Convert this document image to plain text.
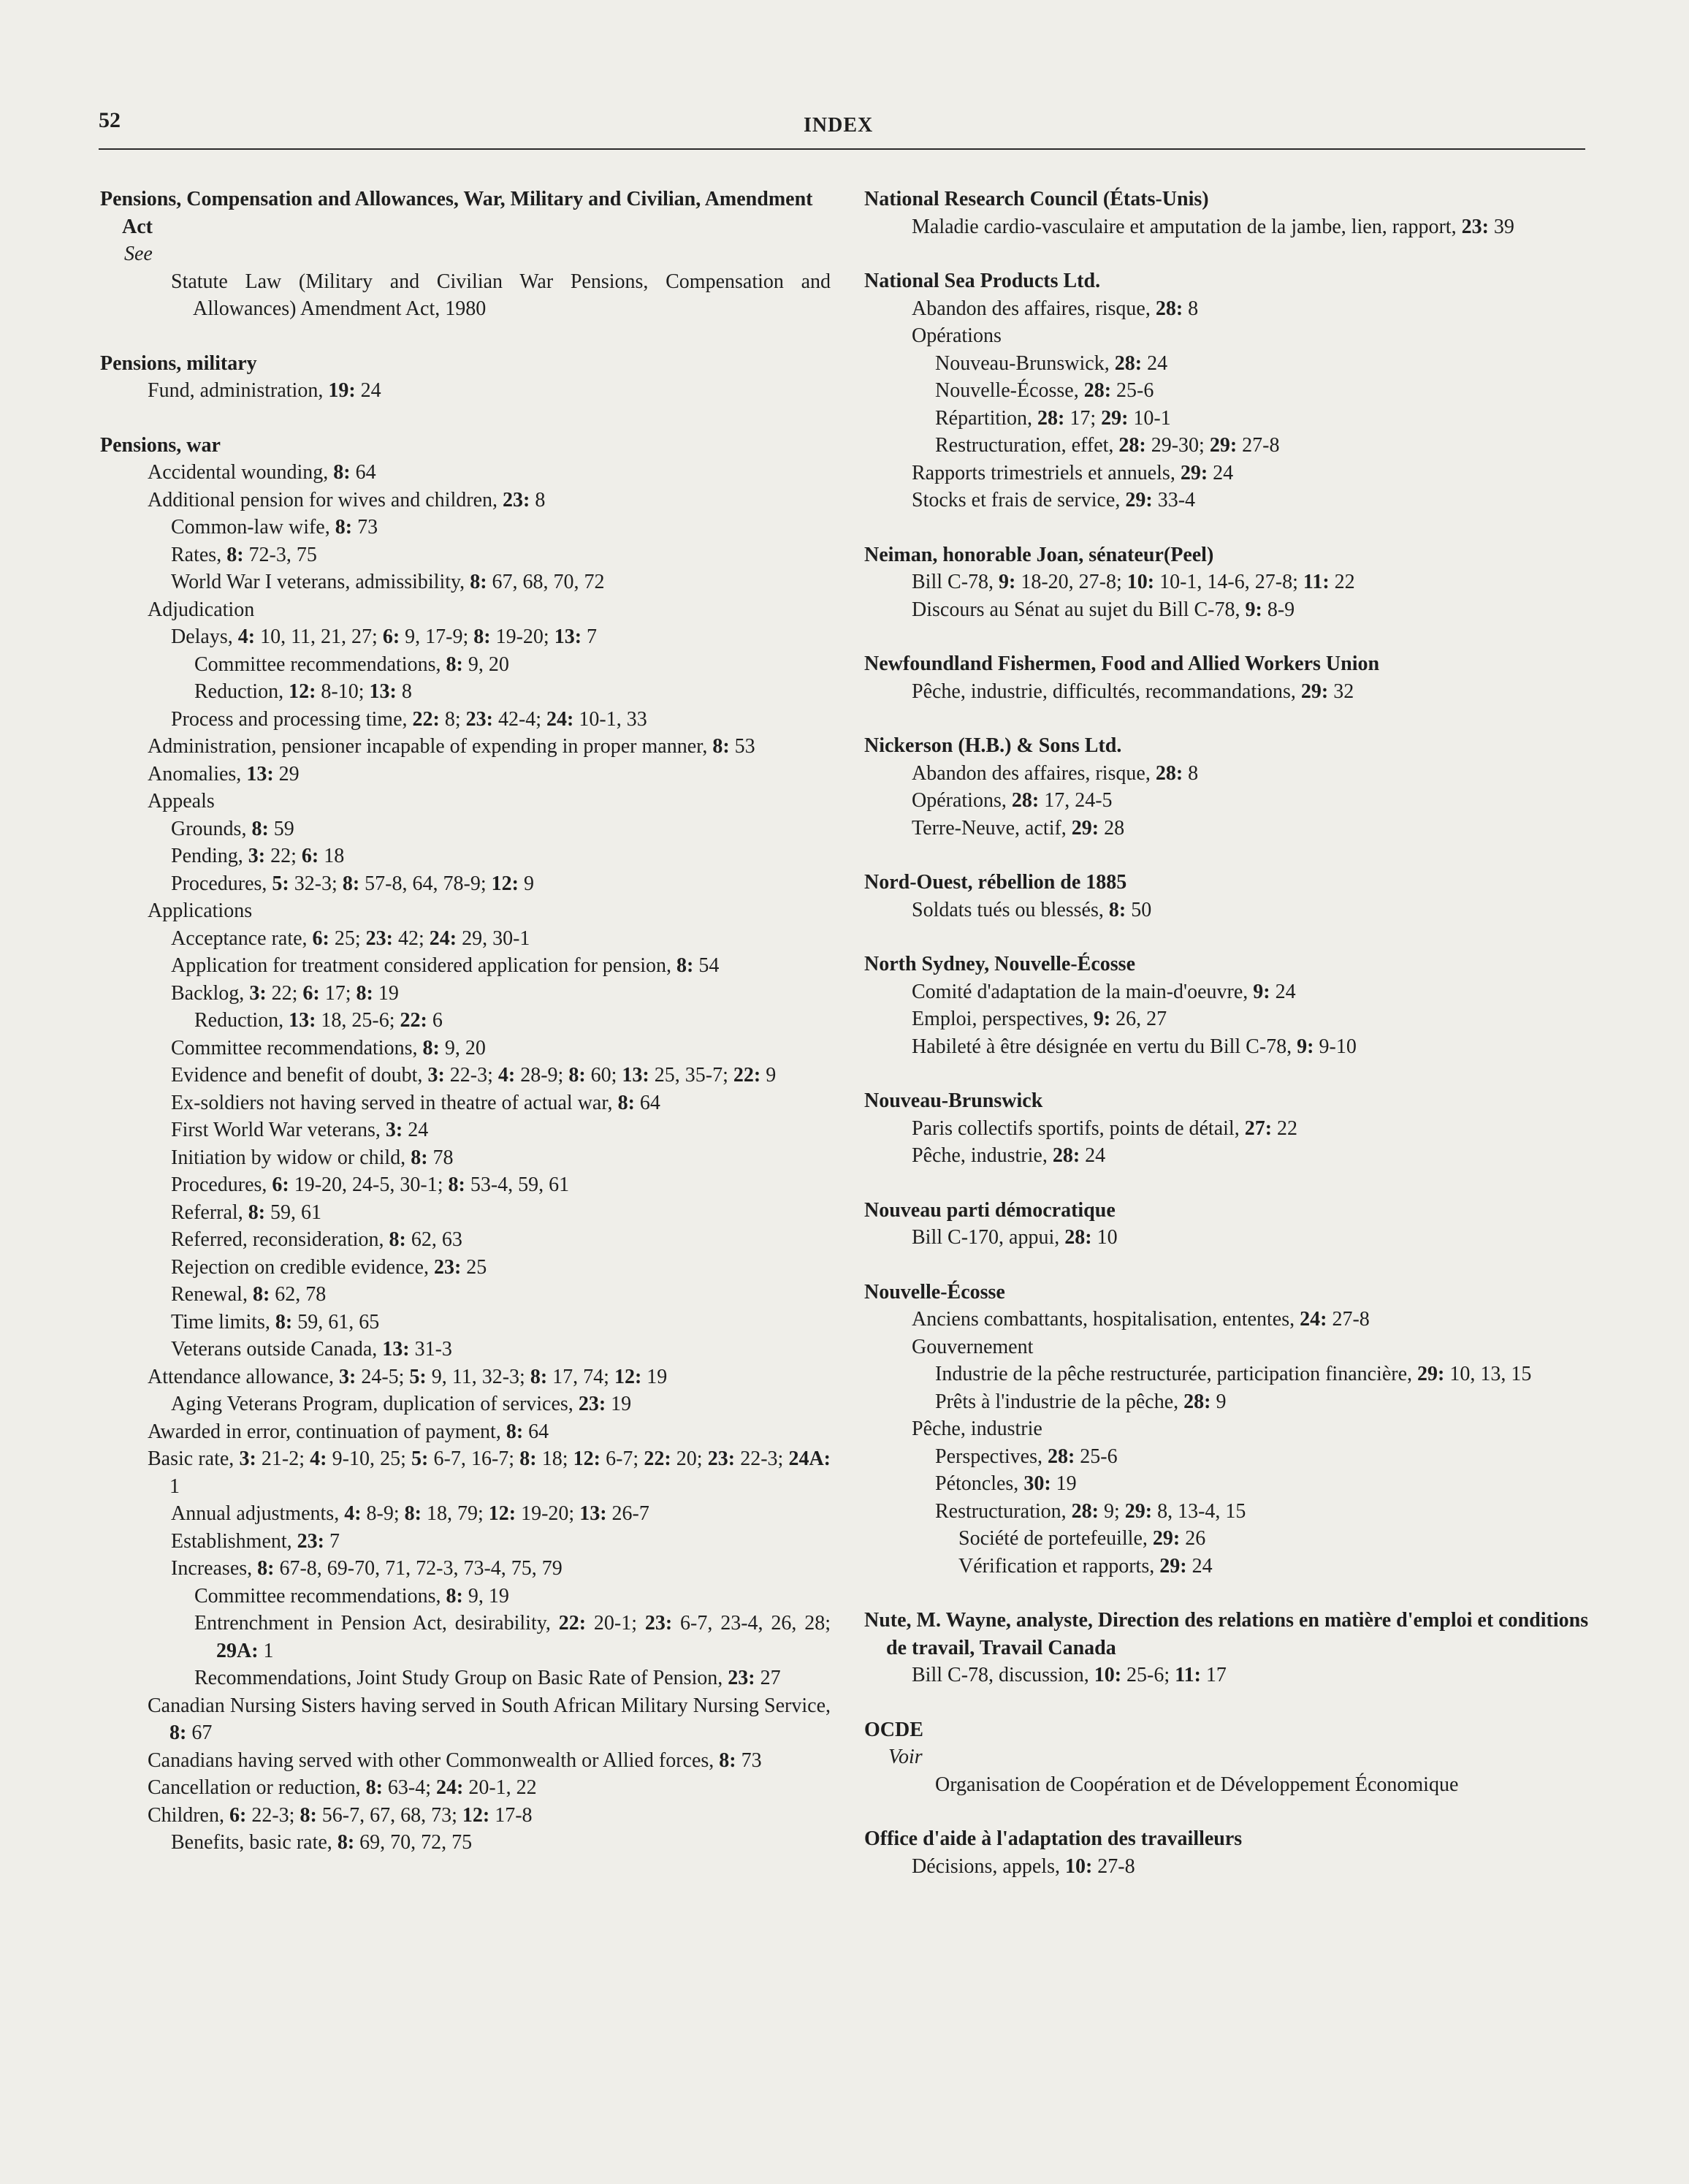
52	INDEX
Pensions, Compensation and Allowances, War, Military and Civilian, Amendment Act
See
Statute Law (Military and Civilian War Pensions, Compensation and Allowances) Amendment Act, 1980
Pensions, military
Fund, administration, 19: 24
Pensions, war
Accidental wounding, 8: 64
Additional pension for wives and children, 23: 8
Common-law wife, 8: 73
Rates, 8: 72-3, 75
World War I veterans, admissibility, 8: 67, 68, 70, 72
Adjudication
Delays, 4: 10, 11, 21, 27; 6: 9, 17-9; 8: 19-20; 13: 7
Committee recommendations, 8: 9, 20
Reduction, 12: 8-10; 13: 8
Process and processing time, 22: 8; 23: 42-4; 24: 10-1, 33
Administration, pensioner incapable of expending in proper manner, 8: 53
Anomalies, 13: 29
Appeals
Grounds, 8: 59
Pending, 3: 22; 6: 18
Procedures, 5: 32-3; 8: 57-8, 64, 78-9; 12: 9
Applications
Acceptance rate, 6: 25; 23: 42; 24: 29, 30-1
Application for treatment considered application for pension, 8: 54
Backlog, 3: 22; 6: 17; 8: 19
Reduction, 13: 18, 25-6; 22: 6
Committee recommendations, 8: 9, 20
Evidence and benefit of doubt, 3: 22-3; 4: 28-9; 8: 60; 13: 25, 35-7; 22: 9
Ex-soldiers not having served in theatre of actual war, 8: 64
First World War veterans, 3: 24
Initiation by widow or child, 8: 78
Procedures, 6: 19-20, 24-5, 30-1; 8: 53-4, 59, 61
Referral, 8: 59, 61
Referred, reconsideration, 8: 62, 63
Rejection on credible evidence, 23: 25
Renewal, 8: 62, 78
Time limits, 8: 59, 61, 65
Veterans outside Canada, 13: 31-3
Attendance allowance, 3: 24-5; 5: 9, 11, 32-3; 8: 17, 74; 12: 19
Aging Veterans Program, duplication of services, 23: 19
Awarded in error, continuation of payment, 8: 64
Basic rate, 3: 21-2; 4: 9-10, 25; 5: 6-7, 16-7; 8: 18; 12: 6-7; 22: 20; 23: 22-3; 24A: 1
Annual adjustments, 4: 8-9; 8: 18, 79; 12: 19-20; 13: 26-7
Establishment, 23: 7
Increases, 8: 67-8, 69-70, 71, 72-3, 73-4, 75, 79
Committee recommendations, 8: 9, 19
Entrenchment in Pension Act, desirability, 22: 20-1; 23: 6-7, 23-4, 26, 28; 29A: 1
Recommendations, Joint Study Group on Basic Rate of Pension, 23: 27
Canadian Nursing Sisters having served in South African Military Nursing Service, 8: 67
Canadians having served with other Commonwealth or Allied forces, 8: 73
Cancellation or reduction, 8: 63-4; 24: 20-1, 22
Children, 6: 22-3; 8: 56-7, 67, 68, 73; 12: 17-8
Benefits, basic rate, 8: 69, 70, 72, 75
National Research Council (États-Unis)
Maladie cardio-vasculaire et amputation de la jambe, lien, rapport, 23: 39
National Sea Products Ltd.
Abandon des affaires, risque, 28: 8
Opérations
Nouveau-Brunswick, 28: 24
Nouvelle-Écosse, 28: 25-6
Répartition, 28: 17; 29: 10-1
Restructuration, effet, 28: 29-30; 29: 27-8
Rapports trimestriels et annuels, 29: 24
Stocks et frais de service, 29: 33-4
Neiman, honorable Joan, sénateur(Peel)
Bill C-78, 9: 18-20, 27-8; 10: 10-1, 14-6, 27-8; 11: 22
Discours au Sénat au sujet du Bill C-78, 9: 8-9
Newfoundland Fishermen, Food and Allied Workers Union
Pêche, industrie, difficultés, recommandations, 29: 32
Nickerson (H.B.) & Sons Ltd.
Abandon des affaires, risque, 28: 8
Opérations, 28: 17, 24-5
Terre-Neuve, actif, 29: 28
Nord-Ouest, rébellion de 1885
Soldats tués ou blessés, 8: 50
North Sydney, Nouvelle-Écosse
Comité d'adaptation de la main-d'oeuvre, 9: 24
Emploi, perspectives, 9: 26, 27
Habileté à être désignée en vertu du Bill C-78, 9: 9-10
Nouveau-Brunswick
Paris collectifs sportifs, points de détail, 27: 22
Pêche, industrie, 28: 24
Nouveau parti démocratique
Bill C-170, appui, 28: 10
Nouvelle-Écosse
Anciens combattants, hospitalisation, ententes, 24: 27-8
Gouvernement
Industrie de la pêche restructurée, participation financière, 29: 10, 13, 15
Prêts à l'industrie de la pêche, 28: 9
Pêche, industrie
Perspectives, 28: 25-6
Pétoncles, 30: 19
Restructuration, 28: 9; 29: 8, 13-4, 15
Société de portefeuille, 29: 26
Vérification et rapports, 29: 24
Nute, M. Wayne, analyste, Direction des relations en matière d'emploi et conditions de travail, Travail Canada
Bill C-78, discussion, 10: 25-6; 11: 17
OCDE
Voir
Organisation de Coopération et de Développement Économique
Office d'aide à l'adaptation des travailleurs
Décisions, appels, 10: 27-8
